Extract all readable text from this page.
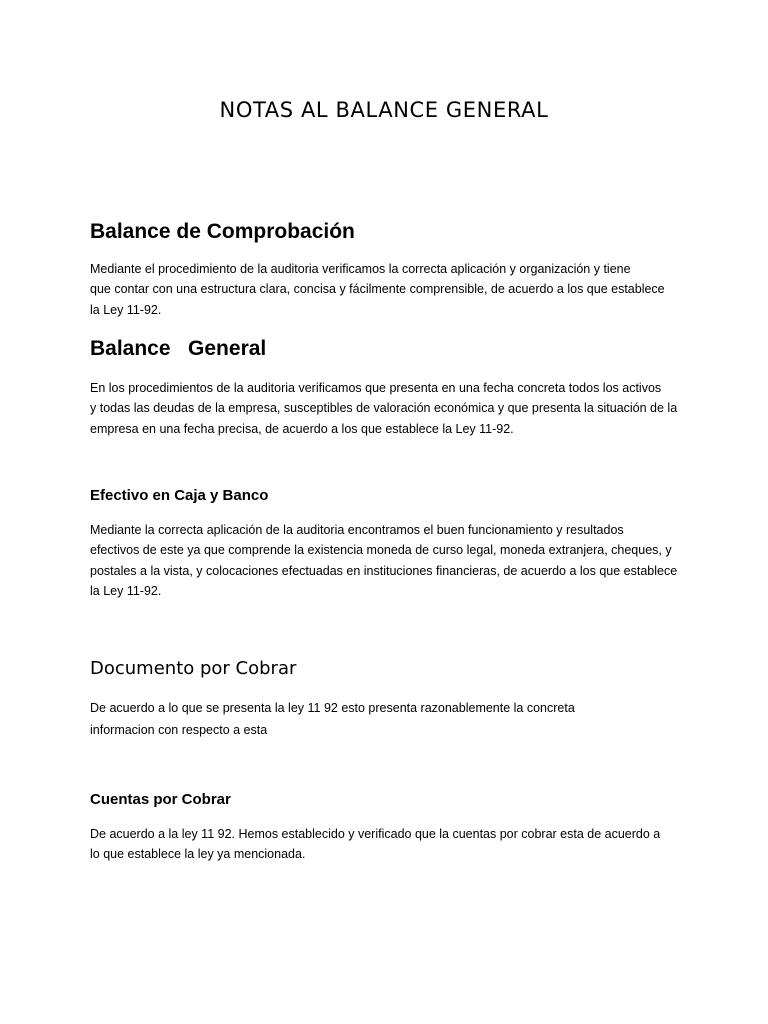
NOTAS AL BALANCE GENERAL
Balance de Comprobación

Mediante el procedimiento de la auditoria verificamos la correcta aplicación y organización y tiene
que contar con una estructura clara, concisa y fácilmente comprensible, de acuerdo a los que establece
la Ley 11-92.

Balance   General

En los procedimientos de la auditoria verificamos que presenta en una fecha concreta todos los activos
y todas las deudas de la empresa, susceptibles de valoración económica y que presenta la situación de la
empresa en una fecha precisa, de acuerdo a los que establece la Ley 11-92.

Efectivo en Caja y Banco

Mediante la correcta aplicación de la auditoria encontramos el buen funcionamiento y resultados
efectivos de este ya que comprende la existencia moneda de curso legal, moneda extranjera, cheques, y
postales a la vista, y colocaciones efectuadas en instituciones financieras, de acuerdo a los que establece
la Ley 11-92.

Documento por Cobrar

De acuerdo a lo que se presenta la ley 11 92 esto presenta razonablemente la concreta
informacion con respecto a esta

Cuentas por Cobrar

De acuerdo a la ley 11 92. Hemos establecido y verificado que la cuentas por cobrar esta de acuerdo a
lo que establece la ley ya mencionada.
